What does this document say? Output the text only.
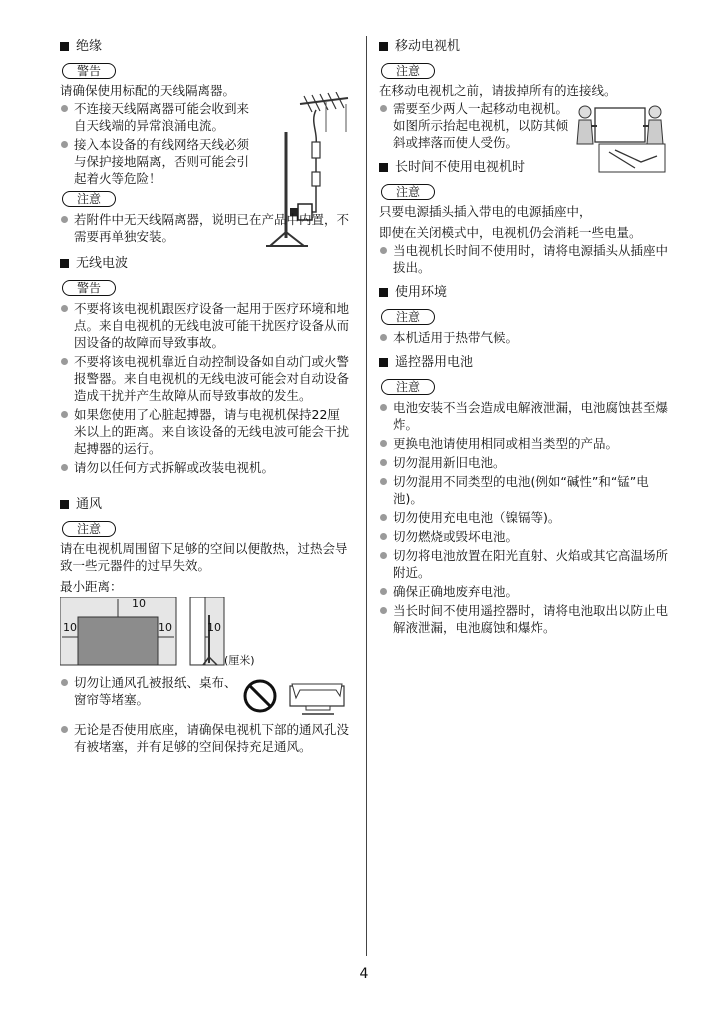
绝缘
警告

请确保使用标配的天线隔离器。

不连接天线隔离器可能会收到来自天线端的异常浪涌电流。
接入本设备的有线网络天线必须与保护接地隔离，否则可能会引起着火等危险！
注意
若附件中无天线隔离器，说明已在产品中内置，不需要再单独安装。
无线电波
警告
不要将该电视机跟医疗设备一起用于医疗环境和地点。来自电视机的无线电波可能干扰医疗设备从而因设备的故障而导致事故。
不要将该电视机靠近自动控制设备如自动门或火警报警器。来自电视机的无线电波可能会对自动设备造成干扰并产生故障从而导致事故的发生。
如果您使用了心脏起搏器，请与电视机保持22厘米以上的距离。来自该设备的无线电波可能会干扰起搏器的运行。
请勿以任何方式拆解或改装电视机。
通风
注意

请在电视机周围留下足够的空间以便散热，过热会导致一些元器件的过早失效。

最小距离：

10
10	10	10
(厘米)
切勿让通风孔被报纸、桌布、窗帘等堵塞。
无论是否使用底座，请确保电视机下部的通风孔没有被堵塞，并有足够的空间保持充足通风。
移动电视机
注意

在移动电视机之前，请拔掉所有的连接线。

需要至少两人一起移动电视机。如图所示抬起电视机，以防其倾斜或摔落而使人受伤。
长时间不使用电视机时
注意

只要电源插头插入带电的电源插座中，

即使在关闭模式中，电视机仍会消耗一些电量。

当电视机长时间不使用时，请将电源插头从插座中拔出。
使用环境
注意
本机适用于热带气候。
遥控器用电池
注意
电池安装不当会造成电解液泄漏，电池腐蚀甚至爆炸。
更换电池请使用相同或相当类型的产品。
切勿混用新旧电池。
切勿混用不同类型的电池(例如“碱性”和“锰”电池)。
切勿使用充电电池（镍镉等)。
切勿燃烧或毁坏电池。
切勿将电池放置在阳光直射、火焰或其它高温场所附近。
确保正确地废弃电池。
当长时间不使用遥控器时，请将电池取出以防止电解液泄漏，电池腐蚀和爆炸。
4
